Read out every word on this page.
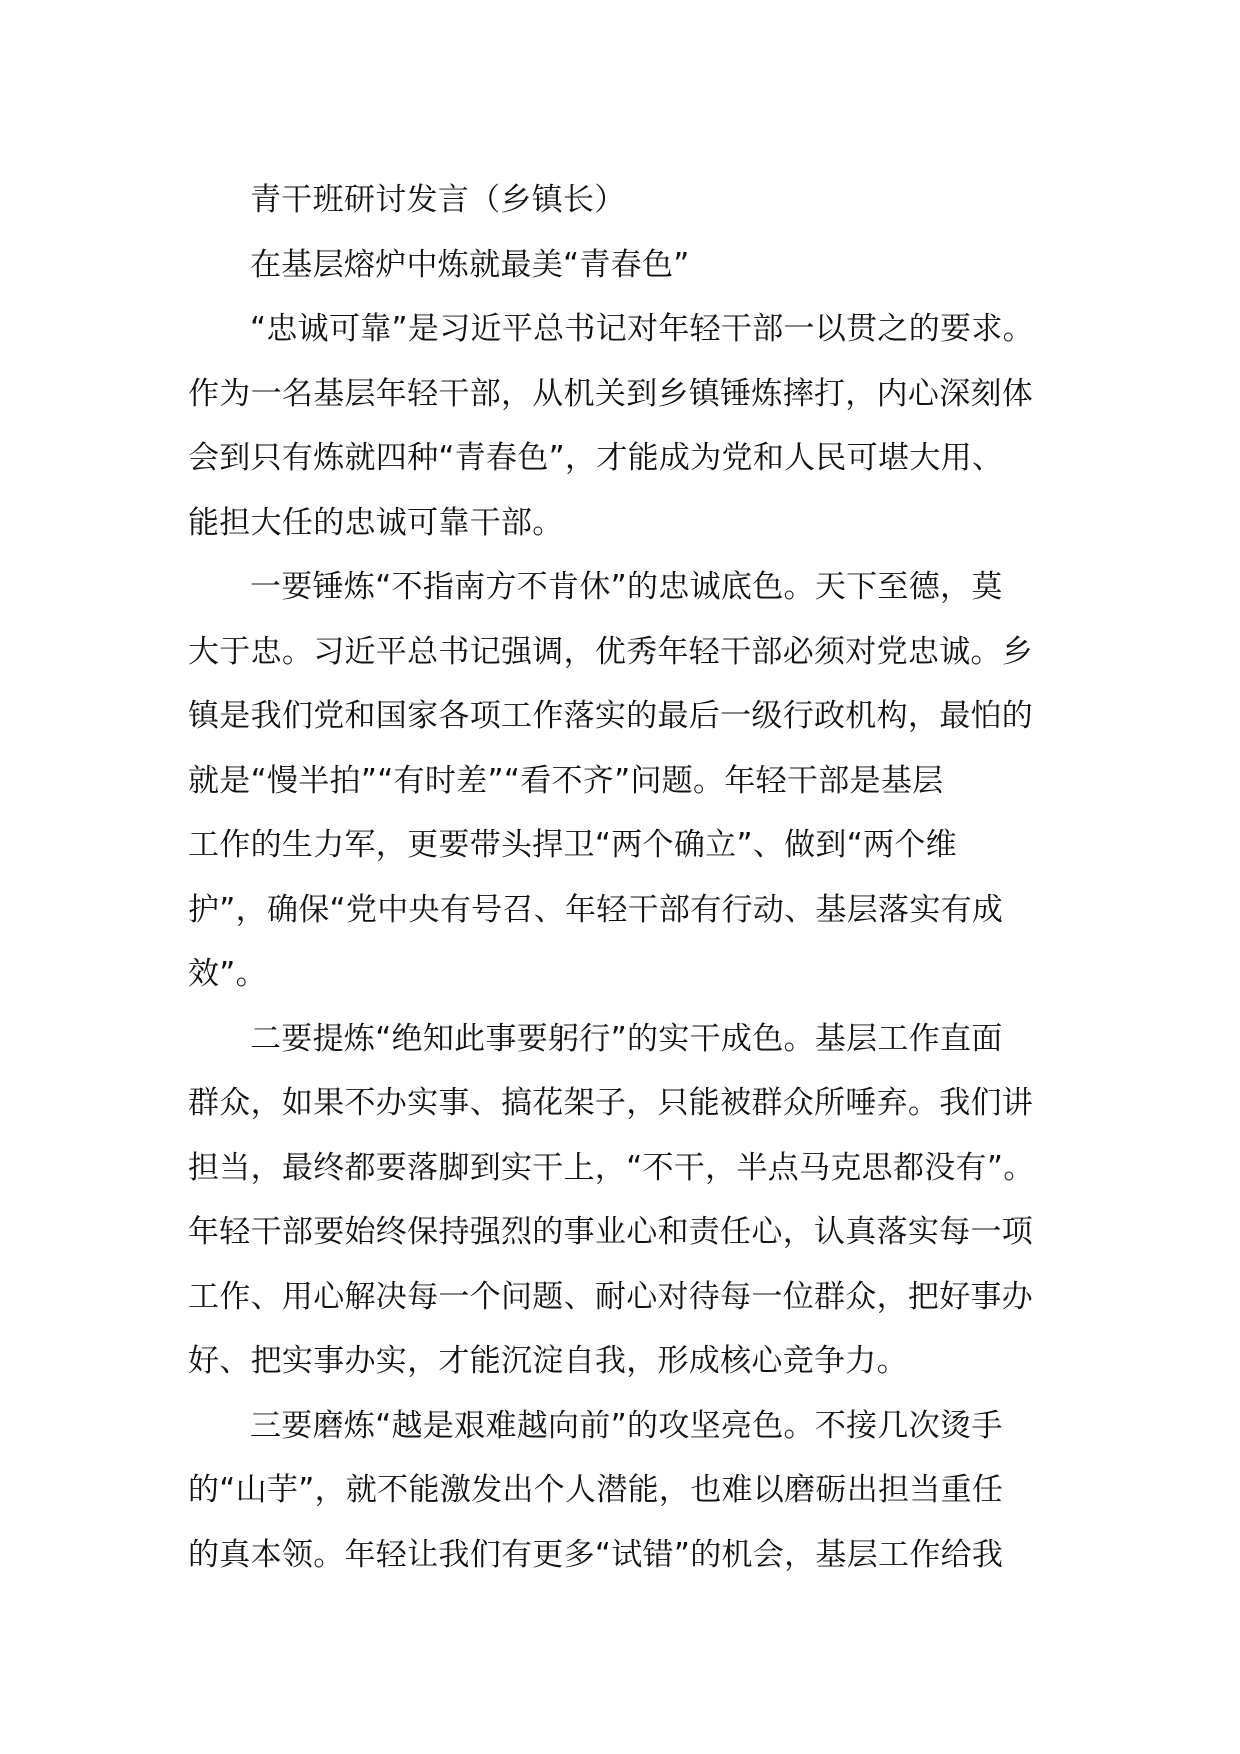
青干班研讨发言（乡镇长）
在基层熔炉中炼就最美“青春色”
“忠诚可靠”是习近平总书记对年轻干部一以贯之的要求。
作为一名基层年轻干部，从机关到乡镇锤炼摔打，内心深刻体
会到只有炼就四种“青春色”，才能成为党和人民可堪大用、
能担大任的忠诚可靠干部。
一要锤炼“不指南方不肯休”的忠诚底色。天下至德，莫
大于忠。习近平总书记强调，优秀年轻干部必须对党忠诚。乡
镇是我们党和国家各项工作落实的最后一级行政机构，最怕的
就是“慢半拍”“有时差”“看不齐”问题。年轻干部是基层
工作的生力军，更要带头捍卫“两个确立”、做到“两个维
护”，确保“党中央有号召、年轻干部有行动、基层落实有成
效”。
二要提炼“绝知此事要躬行”的实干成色。基层工作直面
群众，如果不办实事、搞花架子，只能被群众所唾弃。我们讲
担当，最终都要落脚到实干上，“不干，半点马克思都没有”。
年轻干部要始终保持强烈的事业心和责任心，认真落实每一项
工作、用心解决每一个问题、耐心对待每一位群众，把好事办
好、把实事办实，才能沉淀自我，形成核心竞争力。
三要磨炼“越是艰难越向前”的攻坚亮色。不接几次烫手
的“山芋”，就不能激发出个人潜能，也难以磨砺出担当重任
的真本领。年轻让我们有更多“试错”的机会，基层工作给我
